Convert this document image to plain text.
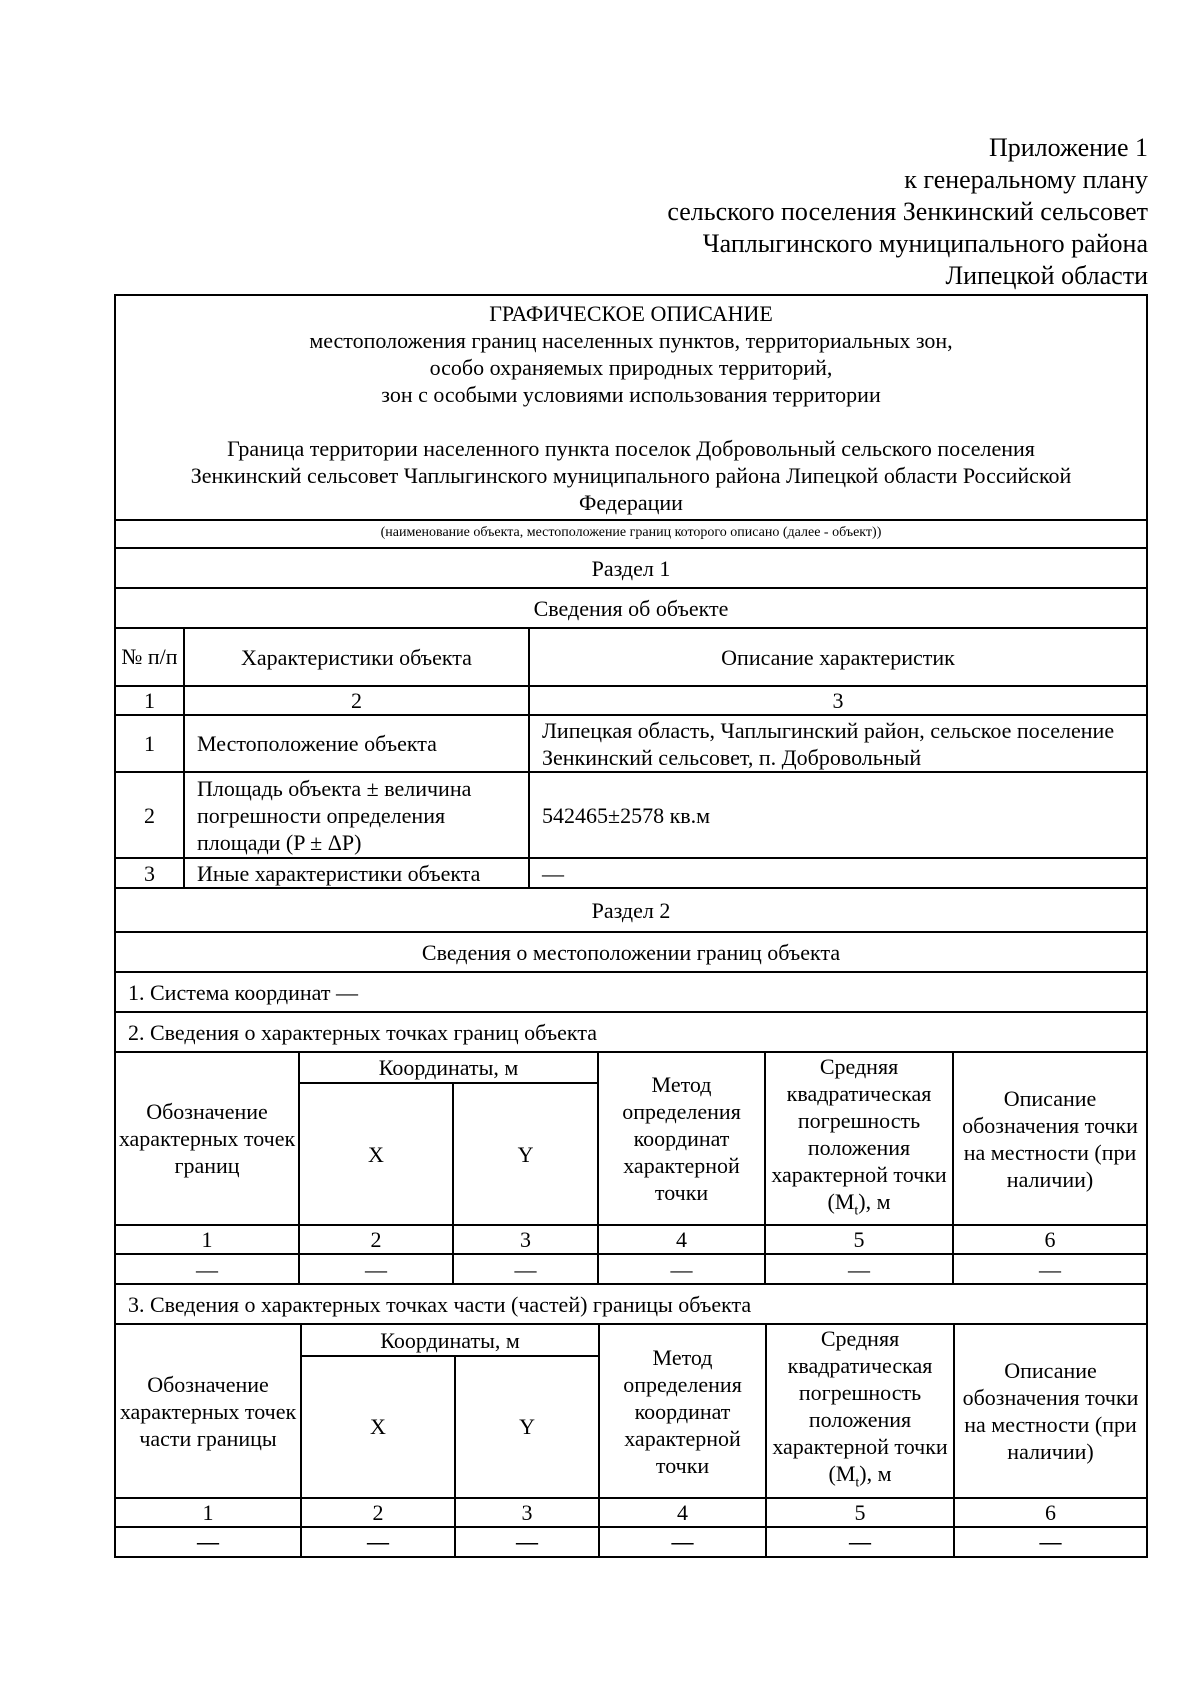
Приложение 1
к генеральному плану
сельского поселения Зенкинский сельсовет
Чаплыгинского муниципального района
Липецкой области
ГРАФИЧЕСКОЕ ОПИСАНИЕ
местоположения границ населенных пунктов, территориальных зон,
особо охраняемых природных территорий,
зон с особыми условиями использования территории
Граница территории населенного пункта поселок Добровольный сельского поселения
Зенкинский сельсовет Чаплыгинского муниципального района Липецкой области Российской
Федерации
(наименование объекта, местоположение границ которого описано (далее - объект))
Раздел 1
Сведения об объекте
№ п/п	Характеристики объекта	Описание характеристик
1	2	3
1	Местоположение объекта	Липецкая область, Чаплыгинский район, сельское поселение Зенкинский сельсовет, п. Добровольный
2	Площадь объекта ± величина погрешности определения площади (P ± ΔP)	542465±2578 кв.м
3	Иные характеристики объекта	—
Раздел 2
Сведения о местоположении границ объекта
1. Система координат —
2. Сведения о характерных точках границ объекта
Обозначение характерных точек границ	Координаты, м		Метод определения координат характерной точки	Средняя квадратическая погрешность положения характерной точки $(M_t)$, м	Описание обозначения точки на местности (при наличии)
	X	Y			
1	2	3	4	5	6
—	—	—	—	—	—
3. Сведения о характерных точках части (частей) границы объекта
Обозначение характерных точек части границы	Координаты, м		Метод определения координат характерной точки	Средняя квадратическая погрешность положения характерной точки $(M_t)$, м	Описание обозначения точки на местности (при наличии)
	X	Y			
1	2	3	4	5	6
—	—	—	—	—	—
